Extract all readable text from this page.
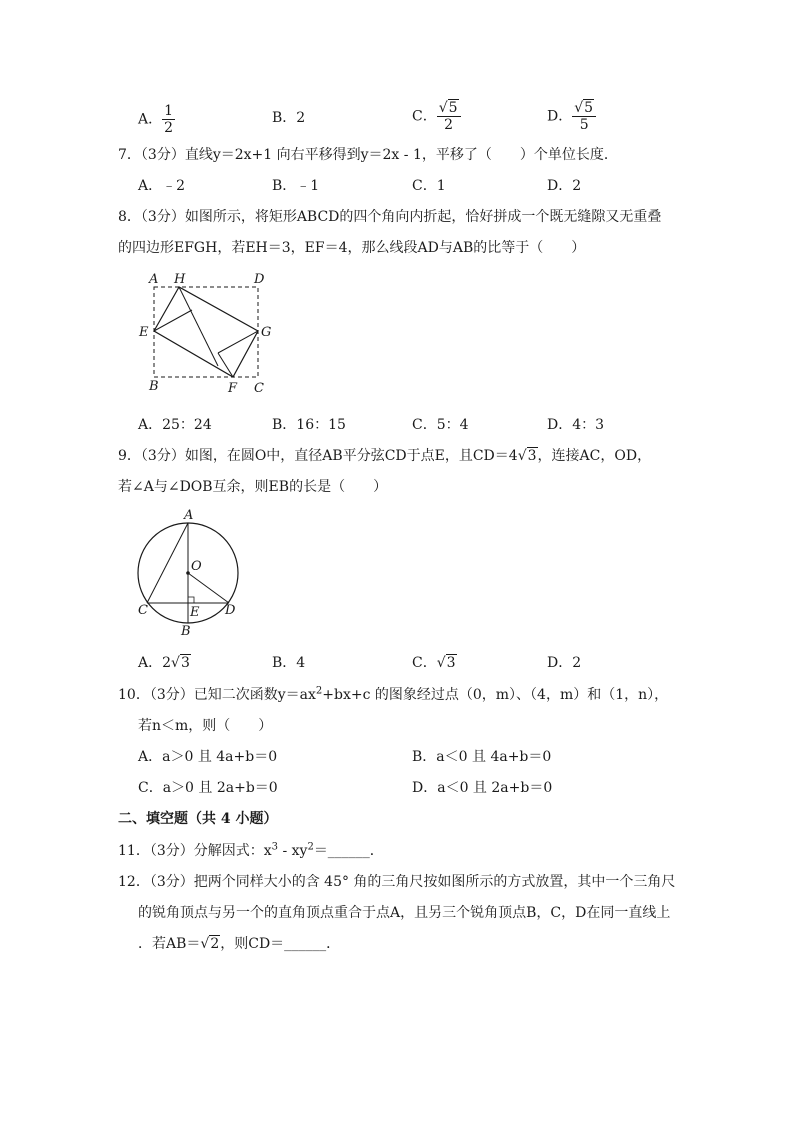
A． $\frac{1}{2}$	B．2	C． $\frac{√5}{2}$	D． $\frac{√5}{5}$
7．（3分）直线y＝2x+1 向右平移得到y＝2x - 1，平移了（　　）个单位长度．
A．﹣2	B．﹣1	C．1	D．2
8．（3分）如图所示，将矩形ABCD的四个角向内折起，恰好拼成一个既无缝隙又无重叠
的四边形EFGH，若EH＝3，EF＝4，那么线段AD与AB的比等于（　　）
A H	D
E	G
B	F C
A．25：24	B．16：15	C．5：4	D．4：3
9．（3分）如图，在圆O中，直径AB平分弦CD于点E，且CD＝4√3，连接AC，OD，
若∠A与∠DOB互余，则EB的长是（　　）
A
O
C	E D
B
A．2√3	B．4	C．√3	D．2
10．（3分）已知二次函数$y=ax^2+bx+c$ 的图象经过点（0，m）、（4，m）和（1，n），
若n＜m，则（　　）
A．a＞0 且 4a+b＝0	B．a＜0 且 4a+b＝0
C．a＞0 且 2a+b＝0	D．a＜0 且 2a+b＝0
二、填空题（共 4 小题）
11．（3分）分解因式：$x^3$ - $xy^2=\_\_\_\_\_\_$．
12．（3分）把两个同样大小的含 45° 角的三角尺按如图所示的方式放置，其中一个三角尺
的锐角顶点与另一个的直角顶点重合于点A，且另三个锐角顶点B，C，D在同一直线上
．若AB＝√2，则CD＝______．
